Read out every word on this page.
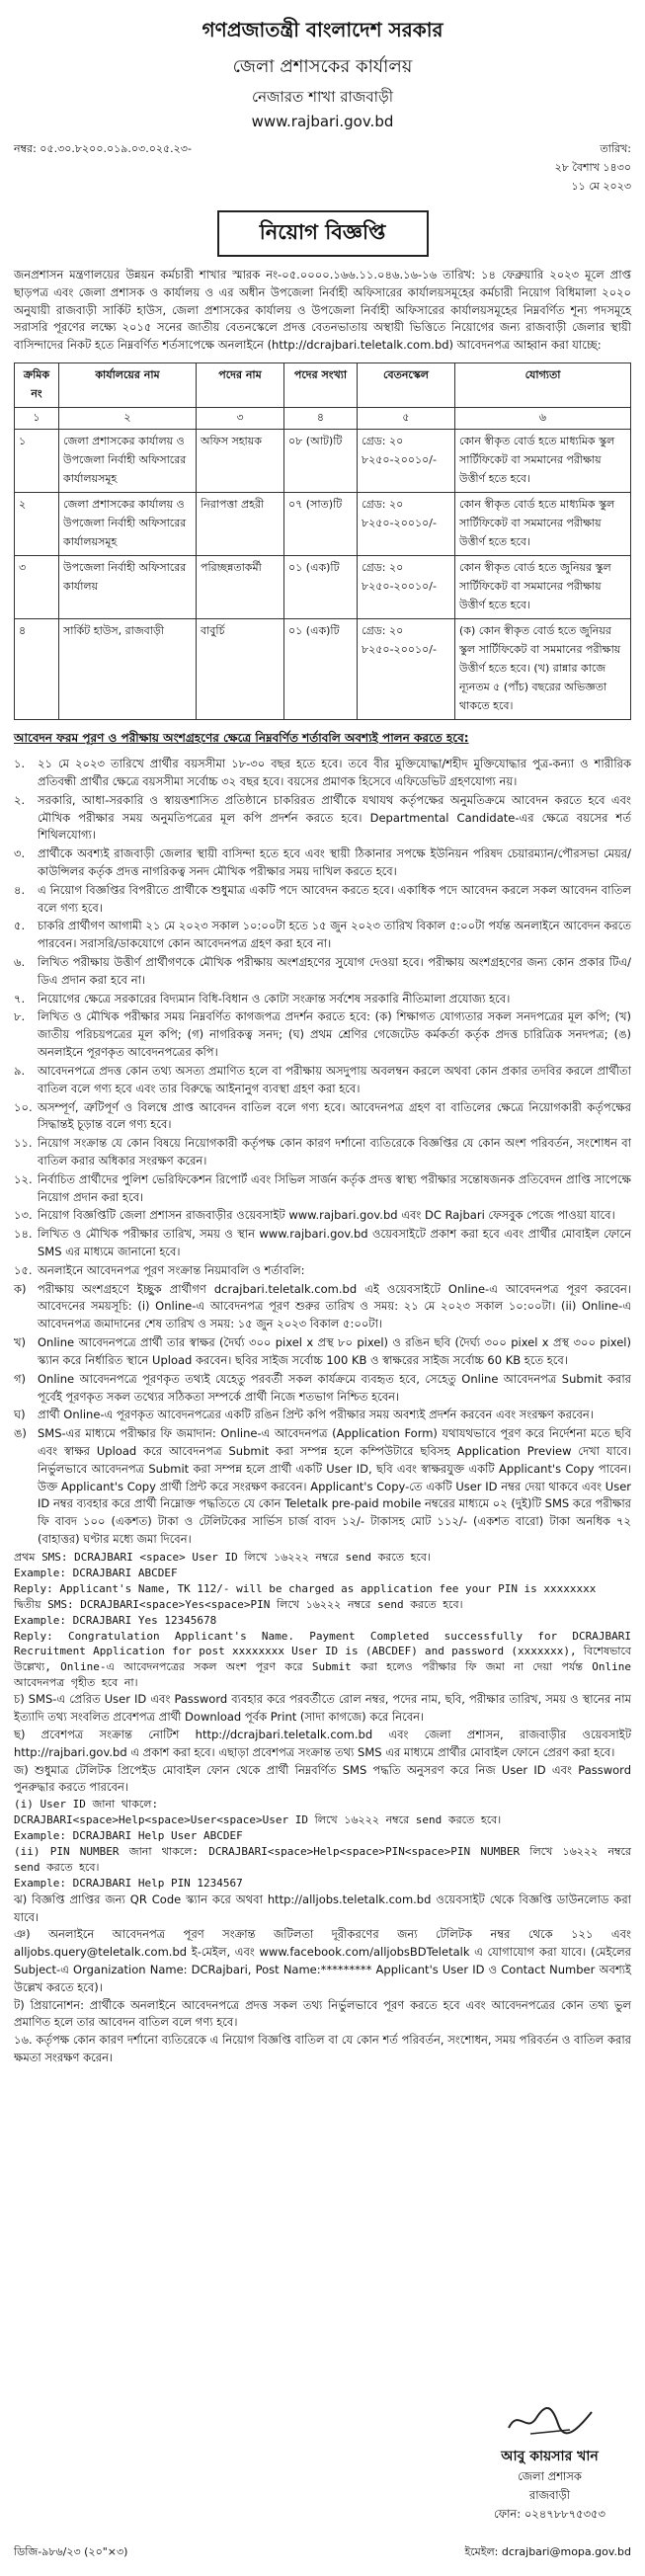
গণপ্রজাতন্ত্রী বাংলাদেশ সরকার
জেলা প্রশাসকের কার্যালয়
নেজারত শাখা রাজবাড়ী
www.rajbari.gov.bd
নম্বর: ০৫.৩০.৮২০০.০১৯.০৩.০২৫.২৩-	তারিখ:
২৮ বৈশাখ ১৪৩০
১১ মে ২০২৩
নিয়োগ বিজ্ঞপ্তি
জনপ্রশাসন মন্ত্রণালয়ের উন্নয়ন কর্মচারী শাখার স্মারক নং-০৫.০০০০.১৬৬.১১.০৪৬.১৬-১৬ তারিখ: ১৪ ফেব্রুয়ারি ২০২৩ মূলে প্রাপ্ত ছাড়পত্র এবং জেলা প্রশাসক ও কার্যালয় ও এর অধীন উপজেলা নির্বাহী অফিসারের কার্যালয়সমূহের কর্মচারী নিয়োগ বিধিমালা ২০২০ অনুযায়ী রাজবাড়ী সার্কিট হাউস, জেলা প্রশাসকের কার্যালয় ও উপজেলা নির্বাহী অফিসারের কার্যালয়সমূহের নিম্নবর্ণিত শূন্য পদসমূহে সরাসরি পূরণের লক্ষ্যে ২০১৫ সনের জাতীয় বেতনস্কেলে প্রদত্ত বেতনভাতায় অস্থায়ী ভিত্তিতে নিয়োগের জন্য রাজবাড়ী জেলার স্থায়ী বাসিন্দাদের নিকট হতে নিম্নবর্ণিত শর্তসাপেক্ষে অনলাইনে (http://dcrajbari.teletalk.com.bd) আবেদনপত্র আহ্বান করা যাচ্ছে:
ক্রমিক নং	কার্যালয়ের নাম	পদের নাম	পদের সংখ্যা	বেতনস্কেল	যোগ্যতা
১	২	৩	৪	৫	৬
১	জেলা প্রশাসকের কার্যালয় ও উপজেলা নির্বাহী অফিসারের কার্যালয়সমূহ	অফিস সহায়ক	০৮ (আট)টি	গ্রেড: ২০ ৮২৫০-২০০১০/-	কোন স্বীকৃত বোর্ড হতে মাধ্যমিক স্কুল সার্টিফিকেট বা সমমানের পরীক্ষায় উত্তীর্ণ হতে হবে।
২	জেলা প্রশাসকের কার্যালয় ও উপজেলা নির্বাহী অফিসারের কার্যালয়সমূহ	নিরাপত্তা প্রহরী	০৭ (সাত)টি	গ্রেড: ২০ ৮২৫০-২০০১০/-	কোন স্বীকৃত বোর্ড হতে মাধ্যমিক স্কুল সার্টিফিকেট বা সমমানের পরীক্ষায় উত্তীর্ণ হতে হবে।
৩	উপজেলা নির্বাহী অফিসারের কার্যালয়	পরিচ্ছন্নতাকর্মী	০১ (এক)টি	গ্রেড: ২০ ৮২৫০-২০০১০/-	কোন স্বীকৃত বোর্ড হতে জুনিয়র স্কুল সার্টিফিকেট বা সমমানের পরীক্ষায় উত্তীর্ণ হতে হবে।
৪	সার্কিট হাউস, রাজবাড়ী	বাবুর্চি	০১ (এক)টি	গ্রেড: ২০ ৮২৫০-২০০১০/-	(ক) কোন স্বীকৃত বোর্ড হতে জুনিয়র স্কুল সার্টিফিকেট বা সমমানের পরীক্ষায় উত্তীর্ণ হতে হবে। (খ) রান্নার কাজে ন্যূনতম ৫ (পাঁচ) বছরের অভিজ্ঞতা থাকতে হবে।
আবেদন ফরম পূরণ ও পরীক্ষায় অংশগ্রহণের ক্ষেত্রে নিম্নবর্ণিত শর্তাবলি অবশ্যই পালন করতে হবে:
১.	২১ মে ২০২৩ তারিখে প্রার্থীর বয়সসীমা ১৮-৩০ বছর হতে হবে। তবে বীর মুক্তিযোদ্ধা/শহীদ মুক্তিযোদ্ধার পুত্র-কন্যা ও শারীরিক প্রতিবন্ধী প্রার্থীর ক্ষেত্রে বয়সসীমা সর্বোচ্চ ৩২ বছর হবে। বয়সের প্রমাণক হিসেবে এফিডেভিট গ্রহণযোগ্য নয়।
২.	সরকারি, আধা-সরকারি ও স্বায়ত্তশাসিত প্রতিষ্ঠানে চাকরিরত প্রার্থীকে যথাযথ কর্তৃপক্ষের অনুমতিক্রমে আবেদন করতে হবে এবং মৌখিক পরীক্ষার সময় অনুমতিপত্রের মূল কপি প্রদর্শন করতে হবে। Departmental Candidate-এর ক্ষেত্রে বয়সের শর্ত শিথিলযোগ্য।
৩.	প্রার্থীকে অবশ্যই রাজবাড়ী জেলার স্থায়ী বাসিন্দা হতে হবে এবং স্থায়ী ঠিকানার সপক্ষে ইউনিয়ন পরিষদ চেয়ারম্যান/পৌরসভা মেয়র/কাউন্সিলর কর্তৃক প্রদত্ত নাগরিকত্ব সনদ মৌখিক পরীক্ষার সময় দাখিল করতে হবে।
৪.	এ নিয়োগ বিজ্ঞপ্তির বিপরীতে প্রার্থীকে শুধুমাত্র একটি পদে আবেদন করতে হবে। একাধিক পদে আবেদন করলে সকল আবেদন বাতিল বলে গণ্য হবে।
৫.	চাকরি প্রার্থীগণ আগামী ২১ মে ২০২৩ সকাল ১০:০০টা হতে ১৫ জুন ২০২৩ তারিখ বিকাল ৫:০০টা পর্যন্ত অনলাইনে আবেদন করতে পারবেন। সরাসরি/ডাকযোগে কোন আবেদনপত্র গ্রহণ করা হবে না।
৬.	লিখিত পরীক্ষায় উত্তীর্ণ প্রার্থীগণকে মৌখিক পরীক্ষায় অংশগ্রহণের সুযোগ দেওয়া হবে। পরীক্ষায় অংশগ্রহণের জন্য কোন প্রকার টিএ/ডিএ প্রদান করা হবে না।
৭.	নিয়োগের ক্ষেত্রে সরকারের বিদ্যমান বিধি-বিধান ও কোটা সংক্রান্ত সর্বশেষ সরকারি নীতিমালা প্রযোজ্য হবে।
৮.	লিখিত ও মৌখিক পরীক্ষার সময় নিম্নবর্ণিত কাগজপত্র প্রদর্শন করতে হবে: (ক) শিক্ষাগত যোগ্যতার সকল সনদপত্রের মূল কপি; (খ) জাতীয় পরিচয়পত্রের মূল কপি; (গ) নাগরিকত্ব সনদ; (ঘ) প্রথম শ্রেণির গেজেটেড কর্মকর্তা কর্তৃক প্রদত্ত চারিত্রিক সনদপত্র; (ঙ) অনলাইনে পূরণকৃত আবেদনপত্রের কপি।
৯.	আবেদনপত্রে প্রদত্ত কোন তথ্য অসত্য প্রমাণিত হলে বা পরীক্ষায় অসদুপায় অবলম্বন করলে অথবা কোন প্রকার তদবির করলে প্রার্থীতা বাতিল বলে গণ্য হবে এবং তার বিরুদ্ধে আইনানুগ ব্যবস্থা গ্রহণ করা হবে।
১০. অসম্পূর্ণ, ত্রুটিপূর্ণ ও বিলম্বে প্রাপ্ত আবেদন বাতিল বলে গণ্য হবে। আবেদনপত্র গ্রহণ বা বাতিলের ক্ষেত্রে নিয়োগকারী কর্তৃপক্ষের সিদ্ধান্তই চূড়ান্ত বলে গণ্য হবে।
১১. নিয়োগ সংক্রান্ত যে কোন বিষয়ে নিয়োগকারী কর্তৃপক্ষ কোন কারণ দর্শানো ব্যতিরেকে বিজ্ঞপ্তির যে কোন অংশ পরিবর্তন, সংশোধন বা বাতিল করার অধিকার সংরক্ষণ করেন।
১২. নির্বাচিত প্রার্থীদের পুলিশ ভেরিফিকেশন রিপোর্ট এবং সিভিল সার্জন কর্তৃক প্রদত্ত স্বাস্থ্য পরীক্ষার সন্তোষজনক প্রতিবেদন প্রাপ্তি সাপেক্ষে নিয়োগ প্রদান করা হবে।
১৩. নিয়োগ বিজ্ঞপ্তিটি জেলা প্রশাসন রাজবাড়ীর ওয়েবসাইট www.rajbari.gov.bd এবং DC Rajbari ফেসবুক পেজে পাওয়া যাবে।
১৪. লিখিত ও মৌখিক পরীক্ষার তারিখ, সময় ও স্থান www.rajbari.gov.bd ওয়েবসাইটে প্রকাশ করা হবে এবং প্রার্থীর মোবাইল ফোনে SMS এর মাধ্যমে জানানো হবে।
১৫. অনলাইনে আবেদনপত্র পূরণ সংক্রান্ত নিয়মাবলি ও শর্তাবলি:
ক) পরীক্ষায় অংশগ্রহণে ইচ্ছুক প্রার্থীগণ dcrajbari.teletalk.com.bd এই ওয়েবসাইটে Online-এ আবেদনপত্র পূরণ করবেন। আবেদনের সময়সূচি: (i) Online-এ আবেদনপত্র পূরণ শুরুর তারিখ ও সময়: ২১ মে ২০২৩ সকাল ১০:০০টা। (ii) Online-এ আবেদনপত্র জমাদানের শেষ তারিখ ও সময়: ১৫ জুন ২০২৩ বিকাল ৫:০০টা।
খ)	Online আবেদনপত্রে প্রার্থী তার স্বাক্ষর (দৈর্ঘ্য ৩০০ pixel x প্রস্থ ৮০ pixel) ও রঙিন ছবি (দৈর্ঘ্য ৩০০ pixel x প্রস্থ ৩০০ pixel) স্ক্যান করে নির্ধারিত স্থানে Upload করবেন। ছবির সাইজ সর্বোচ্চ 100 KB ও স্বাক্ষরের সাইজ সর্বোচ্চ 60 KB হতে হবে।
গ)	Online আবেদনপত্রে পূরণকৃত তথ্যই যেহেতু পরবর্তী সকল কার্যক্রমে ব্যবহৃত হবে, সেহেতু Online আবেদনপত্র Submit করার পূর্বেই পূরণকৃত সকল তথ্যের সঠিকতা সম্পর্কে প্রার্থী নিজে শতভাগ নিশ্চিত হবেন।
ঘ)	প্রার্থী Online-এ পূরণকৃত আবেদনপত্রের একটি রঙিন প্রিন্ট কপি পরীক্ষার সময় অবশ্যই প্রদর্শন করবেন এবং সংরক্ষণ করবেন।
ঙ) SMS-এর মাধ্যমে পরীক্ষার ফি জমাদান: Online-এ আবেদনপত্র (Application Form) যথাযথভাবে পূরণ করে নির্দেশনা মতে ছবি এবং স্বাক্ষর Upload করে আবেদনপত্র Submit করা সম্পন্ন হলে কম্পিউটারে ছবিসহ Application Preview দেখা যাবে। নির্ভুলভাবে আবেদনপত্র Submit করা সম্পন্ন হলে প্রার্থী একটি User ID, ছবি এবং স্বাক্ষরযুক্ত একটি Applicant's Copy পাবেন। উক্ত Applicant's Copy প্রার্থী প্রিন্ট করে সংরক্ষণ করবেন। Applicant's Copy-তে একটি User ID নম্বর দেয়া থাকবে এবং User ID নম্বর ব্যবহার করে প্রার্থী নিম্নোক্ত পদ্ধতিতে যে কোন Teletalk pre-paid mobile নম্বরের মাধ্যমে ০২ (দুই)টি SMS করে পরীক্ষার ফি বাবদ ১০০ (একশত) টাকা ও টেলিটকের সার্ভিস চার্জ বাবদ ১২/- টাকাসহ মোট ১১২/- (একশত বারো) টাকা অনধিক ৭২ (বাহাত্তর) ঘণ্টার মধ্যে জমা দিবেন।
প্রথম SMS: DCRAJBARI <space> User ID লিখে ১৬২২২ নম্বরে send করতে হবে।
Example: DCRAJBARI ABCDEF
Reply: Applicant's Name, TK 112/- will be charged as application fee your PIN is xxxxxxxx
দ্বিতীয় SMS: DCRAJBARI<space>Yes<space>PIN লিখে ১৬২২২ নম্বরে send করতে হবে।
Example: DCRAJBARI Yes 12345678
Reply: Congratulation Applicant's Name. Payment Completed successfully for DCRAJBARI Recruitment Application for post xxxxxxxx User ID is (ABCDEF) and password (xxxxxxx), বিশেষভাবে উল্লেখ্য, Online-এ আবেদনপত্রের সকল অংশ পূরণ করে Submit করা হলেও পরীক্ষার ফি জমা না দেয়া পর্যন্ত Online আবেদনপত্র গৃহীত হবে না।
চ) SMS-এ প্রেরিত User ID এবং Password ব্যবহার করে পরবর্তীতে রোল নম্বর, পদের নাম, ছবি, পরীক্ষার তারিখ, সময় ও স্থানের নাম ইত্যাদি তথ্য সংবলিত প্রবেশপত্র প্রার্থী Download পূর্বক Print (সাদা কাগজে) করে নিবেন।
ছ) প্রবেশপত্র সংক্রান্ত নোটিশ http://dcrajbari.teletalk.com.bd এবং জেলা প্রশাসন, রাজবাড়ীর ওয়েবসাইট http://rajbari.gov.bd এ প্রকাশ করা হবে। এছাড়া প্রবেশপত্র সংক্রান্ত তথ্য SMS এর মাধ্যমে প্রার্থীর মোবাইল ফোনে প্রেরণ করা হবে।
জ) শুধুমাত্র টেলিটক প্রিপেইড মোবাইল ফোন থেকে প্রার্থী নিম্নবর্ণিত SMS পদ্ধতি অনুসরণ করে নিজ User ID এবং Password পুনরুদ্ধার করতে পারবেন।
(i) User ID জানা থাকলে:
DCRAJBARI<space>Help<space>User<space>User ID লিখে ১৬২২২ নম্বরে send করতে হবে।
Example: DCRAJBARI Help User ABCDEF
(ii) PIN NUMBER জানা থাকলে: DCRAJBARI<space>Help<space>PIN<space>PIN NUMBER লিখে ১৬২২২ নম্বরে send করতে হবে।
Example: DCRAJBARI Help PIN 1234567
ঝ) বিজ্ঞপ্তি প্রাপ্তির জন্য QR Code স্ক্যান করে অথবা http://alljobs.teletalk.com.bd ওয়েবসাইট থেকে বিজ্ঞপ্তি ডাউনলোড করা যাবে।
ঞ) অনলাইনে আবেদনপত্র পূরণ সংক্রান্ত জটিলতা দূরীকরণের জন্য টেলিটক নম্বর থেকে ১২১ এবং alljobs.query@teletalk.com.bd ই-মেইল, এবং www.facebook.com/alljobsBDTeletalk এ যোগাযোগ করা যাবে। (মেইলের Subject-এ Organization Name: DCRajbari, Post Name:********* Applicant's User ID ও Contact Number অবশ্যই উল্লেখ করতে হবে)।
ট) প্রিয়ানোশন: প্রার্থীকে অনলাইনে আবেদনপত্রে প্রদত্ত সকল তথ্য নির্ভুলভাবে পূরণ করতে হবে এবং আবেদনপত্রের কোন তথ্য ভুল প্রমাণিত হলে তার আবেদন বাতিল বলে গণ্য হবে।
১৬. কর্তৃপক্ষ কোন কারণ দর্শানো ব্যতিরেকে এ নিয়োগ বিজ্ঞপ্তি বাতিল বা যে কোন শর্ত পরিবর্তন, সংশোধন, সময় পরিবর্তন ও বাতিল করার ক্ষমতা সংরক্ষণ করেন।
আবু কায়সার খান
জেলা প্রশাসক
রাজবাড়ী
ফোন: ০২৪৭৮৮৭৫৩৫৩
ডিজি-৯৮৬/২৩ (২০"×৩)	ইমেইল: dcrajbari@mopa.gov.bd
